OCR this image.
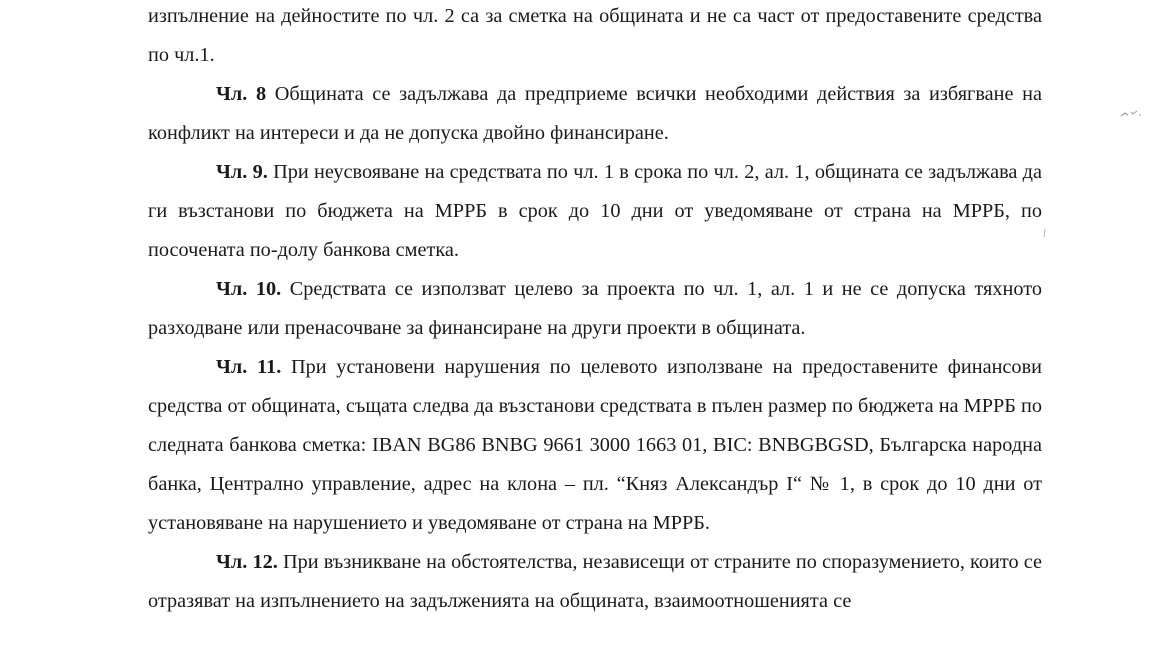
изпълнение на дейностите по чл. 2 са за сметка на общината и не са част от предоставените средства по чл.1.

Чл. 8 Общината се задължава да предприеме всички необходими действия за избягване на конфликт на интереси и да не допуска двойно финансиране.

Чл. 9. При неусвояване на средствата по чл. 1 в срока по чл. 2, ал. 1, общината се задължава да ги възстанови по бюджета на МРРБ в срок до 10 дни от уведомяване от страна на МРРБ, по посочената по-долу банкова сметка.

Чл. 10. Средствата се използват целево за проекта по чл. 1, ал. 1 и не се допуска тяхното разходване или пренасочване за финансиране на други проекти в общината.

Чл. 11. При установени нарушения по целевото използване на предоставените финансови средства от общината, същата следва да възстанови средствата в пълен размер по бюджета на МРРБ по следната банкова сметка: IBAN BG86 BNBG 9661 3000 1663 01, BIC: BNBGBGSD, Българска народна банка, Централно управление, адрес на клона – пл. “Княз Александър I“ № 1, в срок до 10 дни от установяване на нарушението и уведомяване от страна на МРРБ.

Чл. 12. При възникване на обстоятелства, независещи от страните по споразумението, които се отразяват на изпълнението на задълженията на общината, взаимоотношенията се
